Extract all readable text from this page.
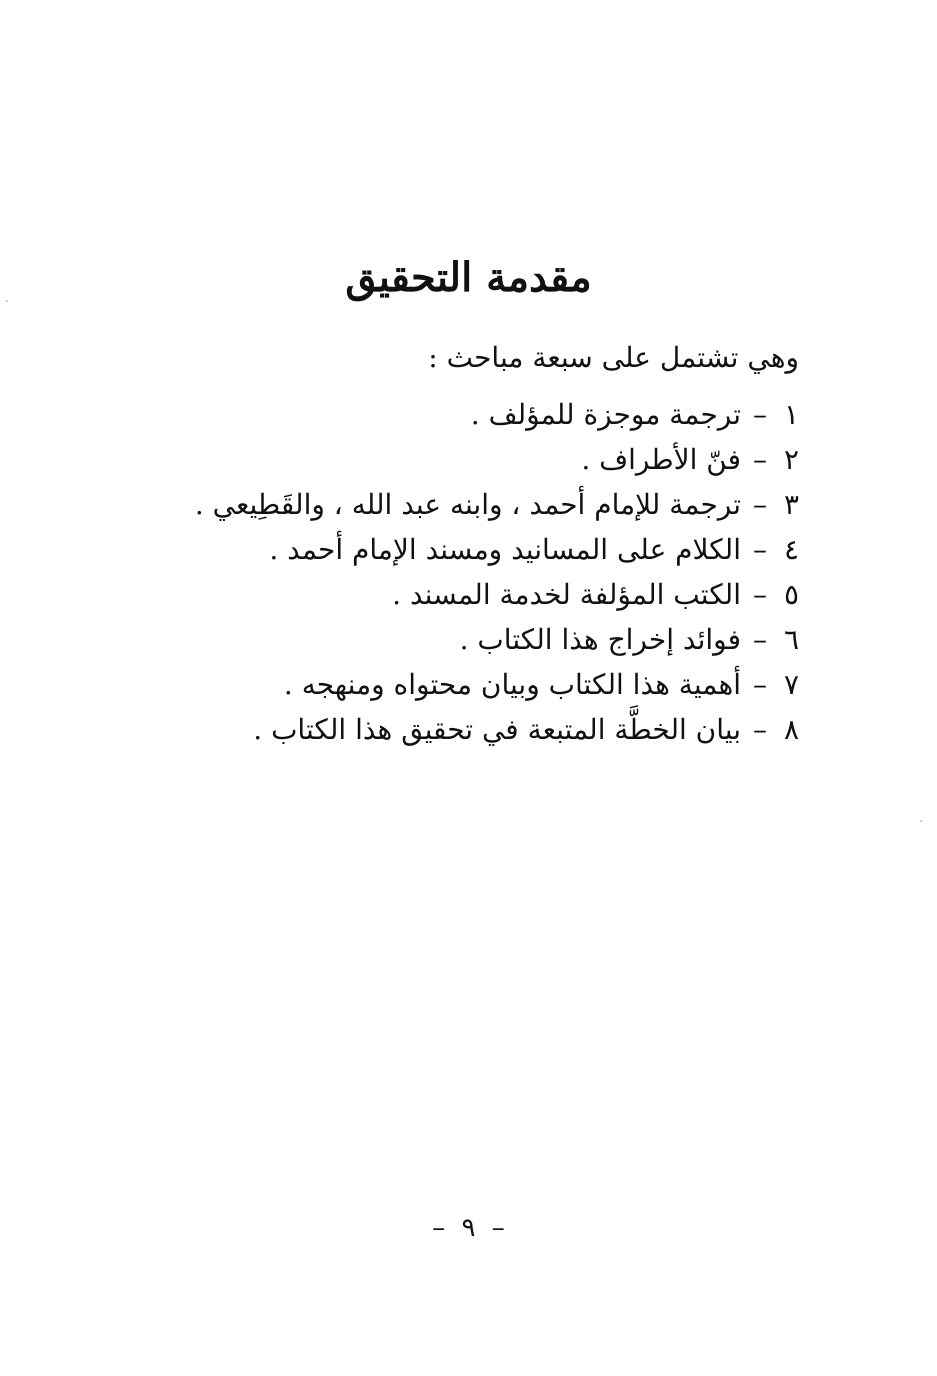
مقدمة التحقيق

وهي تشتمل على سبعة مباحث :

١
–
ترجمة موجزة للمؤلف .
٢
–
فنّ الأطراف .
٣
–
ترجمة للإمام أحمد ، وابنه عبد الله ، والقَطِيعي .
٤
–
الكلام على المسانيد ومسند الإمام أحمد .
٥
–
الكتب المؤلفة لخدمة المسند .
٦
–
فوائد إخراج هذا الكتاب .
٧
–
أهمية هذا الكتاب وبيان محتواه ومنهجه .
٨
–
بيان الخطَّة المتبعة في تحقيق هذا الكتاب .
– ٩ –
